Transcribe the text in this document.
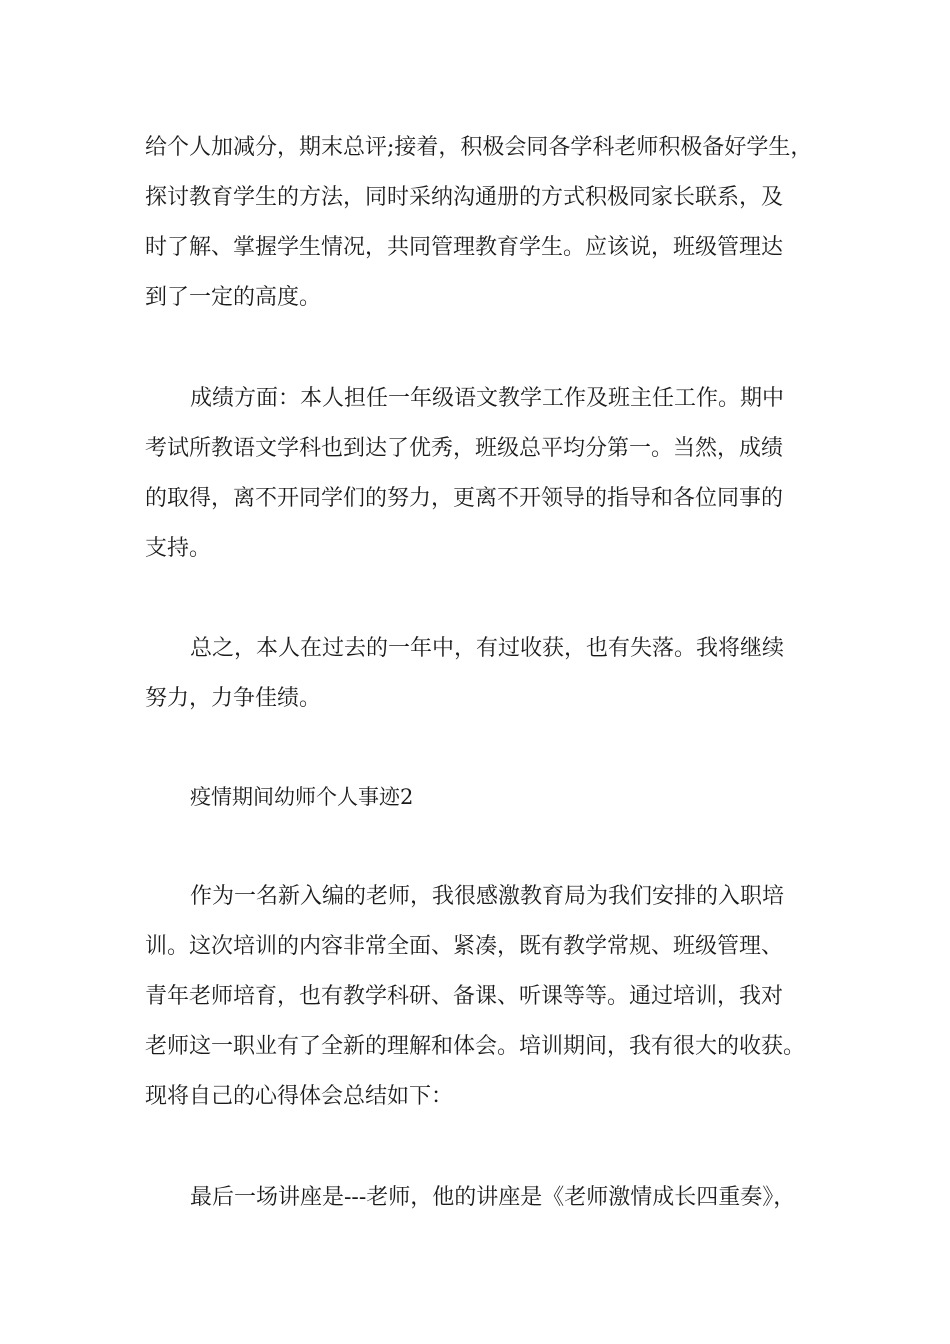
给个人加减分，期末总评;接着，积极会同各学科老师积极备好学生，
探讨教育学生的方法，同时采纳沟通册的方式积极同家长联系，及
时了解、掌握学生情况，共同管理教育学生。应该说，班级管理达
到了一定的高度。
成绩方面：本人担任一年级语文教学工作及班主任工作。期中
考试所教语文学科也到达了优秀，班级总平均分第一。当然，成绩
的取得，离不开同学们的努力，更离不开领导的指导和各位同事的
支持。
总之，本人在过去的一年中，有过收获，也有失落。我将继续
努力，力争佳绩。
疫情期间幼师个人事迹2
作为一名新入编的老师，我很感激教育局为我们安排的入职培
训。这次培训的内容非常全面、紧凑，既有教学常规、班级管理、
青年老师培育，也有教学科研、备课、听课等等。通过培训，我对
老师这一职业有了全新的理解和体会。培训期间，我有很大的收获。
现将自己的心得体会总结如下：
最后一场讲座是---老师，他的讲座是《老师激情成长四重奏》，
